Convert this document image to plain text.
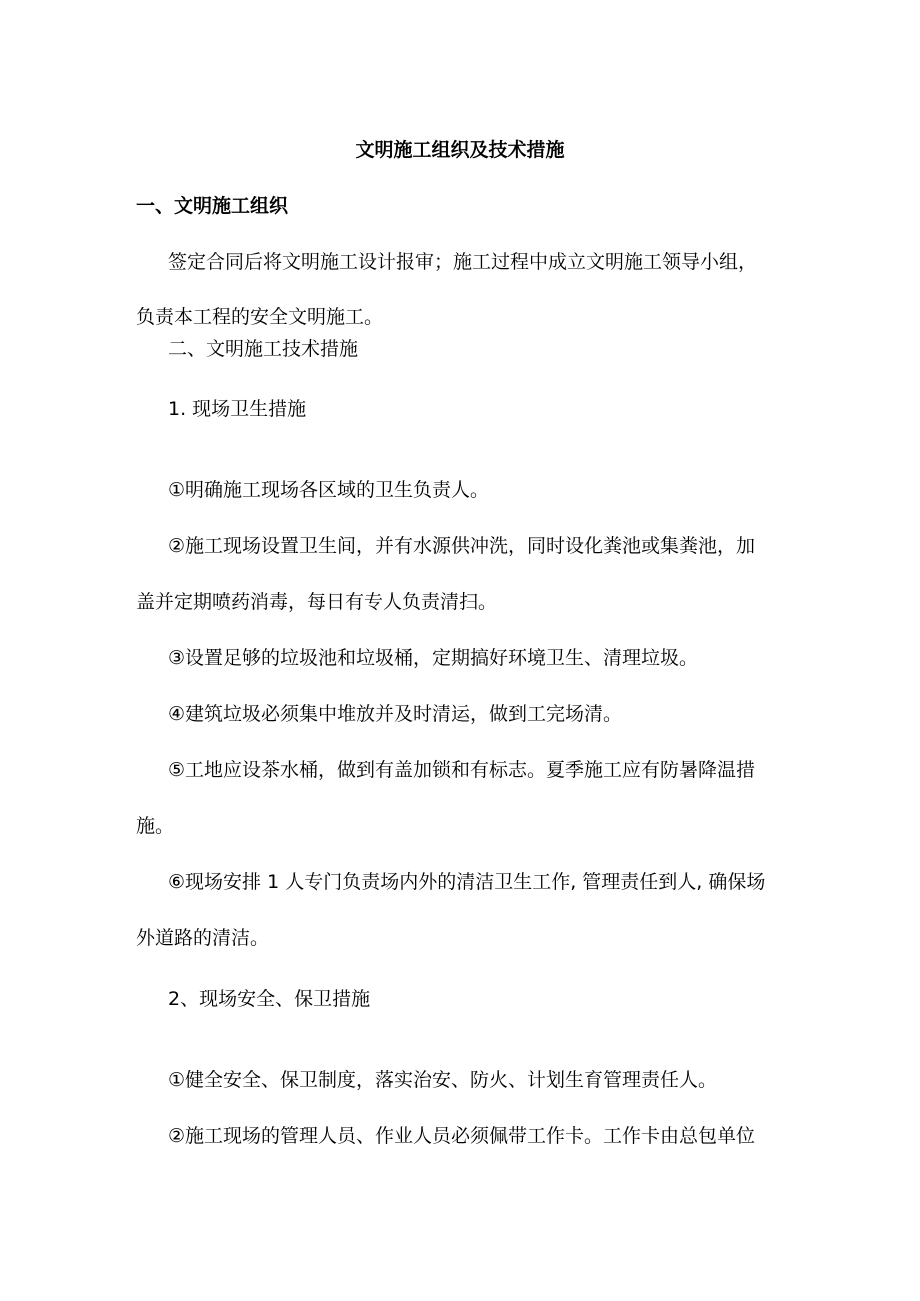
文明施工组织及技术措施
一、文明施工组织
签定合同后将文明施工设计报审；施工过程中成立文明施工领导小组，
负责本工程的安全文明施工。
二、文明施工技术措施
1. 现场卫生措施
①明确施工现场各区域的卫生负责人。
②施工现场设置卫生间，并有水源供冲洗，同时设化粪池或集粪池，加
盖并定期喷药消毒，每日有专人负责清扫。
③设置足够的垃圾池和垃圾桶，定期搞好环境卫生、清理垃圾。
④建筑垃圾必须集中堆放并及时清运，做到工完场清。
⑤工地应设茶水桶，做到有盖加锁和有标志。夏季施工应有防暑降温措
施。
⑥现场安排 1 人专门负责场内外的清洁卫生工作, 管理责任到人, 确保场
外道路的清洁。
2、现场安全、保卫措施
①健全安全、保卫制度，落实治安、防火、计划生育管理责任人。
②施工现场的管理人员、作业人员必须佩带工作卡。工作卡由总包单位
